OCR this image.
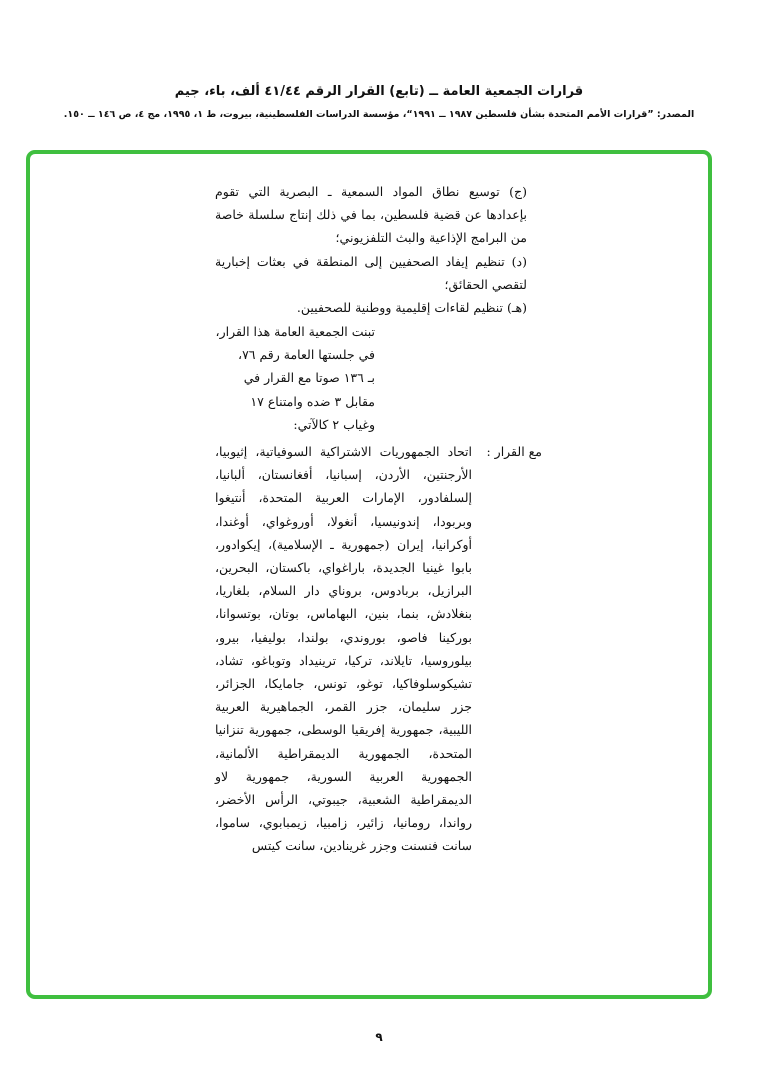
قرارات الجمعية العامة ــ (تابع) القرار الرقم ٤١/٤٤ ألف، باء، جيم

المصدر: ”قرارات الأمم المتحدة بشأن فلسطين ١٩٨٧ ــ ١٩٩١“، مؤسسة الدراسات الفلسطينية، بيروت، ط ١، ١٩٩٥، مج ٤، ص ١٤٦ ــ ١٥٠.

(ج) توسيع نطاق المواد السمعية ـ البصرية التي تقوم بإعدادها عن قضية فلسطين، بما في ذلك إنتاج سلسلة خاصة من البرامج الإذاعية والبث التلفزيوني؛

(د) تنظيم إيفاد الصحفيين إلى المنطقة في بعثات إخبارية لتقصي الحقائق؛

(هـ) تنظيم لقاءات إقليمية ووطنية للصحفيين.

تبنت الجمعية العامة هذا القرار،
في جلستها العامة رقم ٧٦،
بـ ١٣٦ صوتا مع القرار في
مقابل ٣ ضده وامتناع ١٧
وغياب ٢ كالآتي:
مع القرار :
اتحاد الجمهوريات الاشتراكية السوفياتية، إثيوبيا، الأرجنتين، الأردن، إسبانيا، أفغانستان، ألبانيا، إلسلفادور، الإمارات العربية المتحدة، أنتيغوا وبربودا، إندونيسيا، أنغولا، أوروغواي، أوغندا، أوكرانيا، إيران (جمهورية ـ الإسلامية)، إيكوادور، بابوا غينيا الجديدة، باراغواي، باكستان، البحرين، البرازيل، بربادوس، بروناي دار السلام، بلغاريا، بنغلادش، بنما، بنين، البهاماس، بوتان، بوتسوانا، بوركينا فاصو، بوروندي، بولندا، بوليفيا، بيرو، بيلوروسيا، تايلاند، تركيا، ترينيداد وتوباغو، تشاد، تشيكوسلوفاكيا، توغو، تونس، جامايكا، الجزائر، جزر سليمان، جزر القمر، الجماهيرية العربية الليبية، جمهورية إفريقيا الوسطى، جمهورية تنزانيا المتحدة، الجمهورية الديمقراطية الألمانية، الجمهورية العربية السورية، جمهورية لاو الديمقراطية الشعبية، جيبوتي، الرأس الأخضر، رواندا، رومانيا، زائير، زامبيا، زيمبابوي، ساموا، سانت فنسنت وجزر غرينادين، سانت كيتس

٩
